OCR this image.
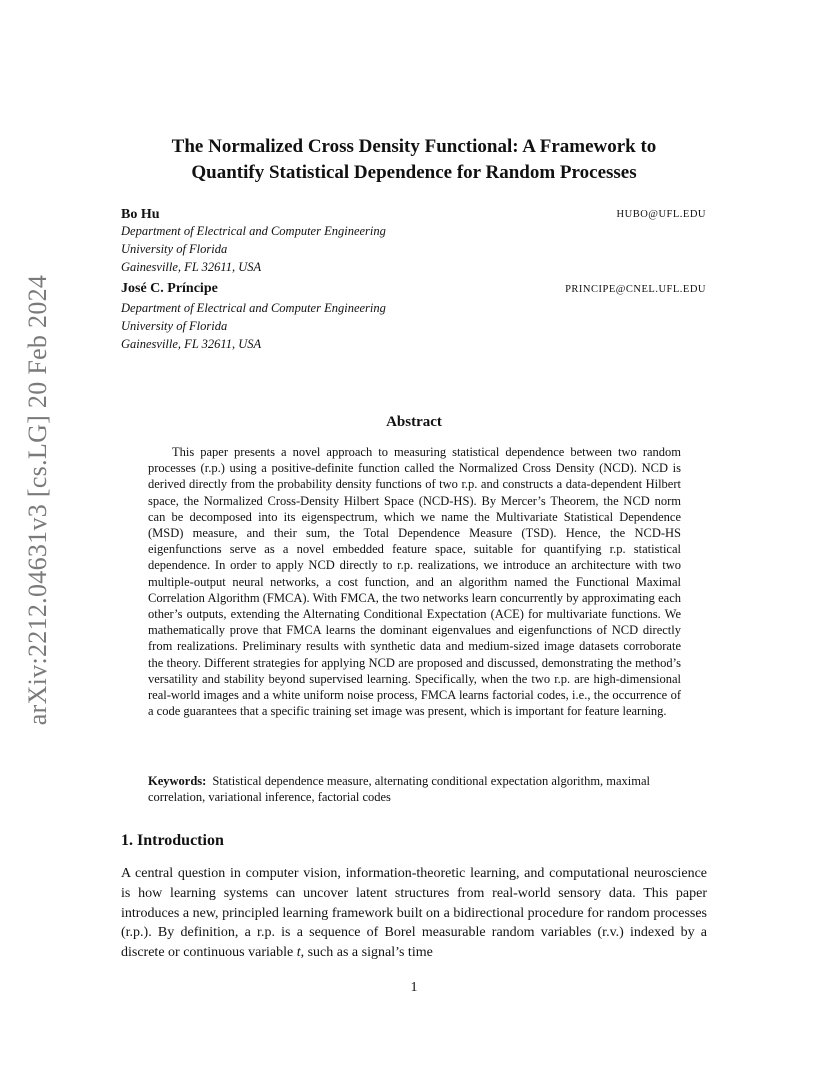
arXiv:2212.04631v3 [cs.LG] 20 Feb 2024
The Normalized Cross Density Functional: A Framework to
Quantify Statistical Dependence for Random Processes
Bo Hu	HUBO@UFL.EDU
Department of Electrical and Computer Engineering
University of Florida
Gainesville, FL 32611, USA
José C. Príncipe	PRINCIPE@CNEL.UFL.EDU
Department of Electrical and Computer Engineering
University of Florida
Gainesville, FL 32611, USA
Abstract

This paper presents a novel approach to measuring statistical dependence between two random processes (r.p.) using a positive-definite function called the Normalized Cross Density (NCD). NCD is derived directly from the probability density functions of two r.p. and constructs a data-dependent Hilbert space, the Normalized Cross-Density Hilbert Space (NCD-HS). By Mercer’s Theorem, the NCD norm can be decomposed into its eigenspectrum, which we name the Multivariate Statistical Dependence (MSD) measure, and their sum, the Total Dependence Measure (TSD). Hence, the NCD-HS eigenfunctions serve as a novel embedded feature space, suitable for quantifying r.p. statistical dependence. In order to apply NCD directly to r.p. realizations, we introduce an architecture with two multiple-output neural networks, a cost function, and an algorithm named the Functional Maximal Correlation Algorithm (FMCA). With FMCA, the two networks learn concurrently by approximating each other’s outputs, extending the Alternating Conditional Expectation (ACE) for multivariate functions. We mathematically prove that FMCA learns the dominant eigenvalues and eigenfunctions of NCD directly from realizations. Preliminary results with synthetic data and medium-sized image datasets corroborate the theory. Different strategies for applying NCD are proposed and discussed, demonstrating the method’s versatility and stability beyond supervised learning. Specifically, when the two r.p. are high-dimensional real-world images and a white uniform noise process, FMCA learns factorial codes, i.e., the occurrence of a code guarantees that a specific training set image was present, which is important for feature learning.

Keywords: Statistical dependence measure, alternating conditional expectation algorithm, maximal correlation, variational inference, factorial codes

1. Introduction

A central question in computer vision, information-theoretic learning, and computational neuroscience is how learning systems can uncover latent structures from real-world sensory data. This paper introduces a new, principled learning framework built on a bidirectional procedure for random processes (r.p.). By definition, a r.p. is a sequence of Borel measurable random variables (r.v.) indexed by a discrete or continuous variable t, such as a signal’s time

1
